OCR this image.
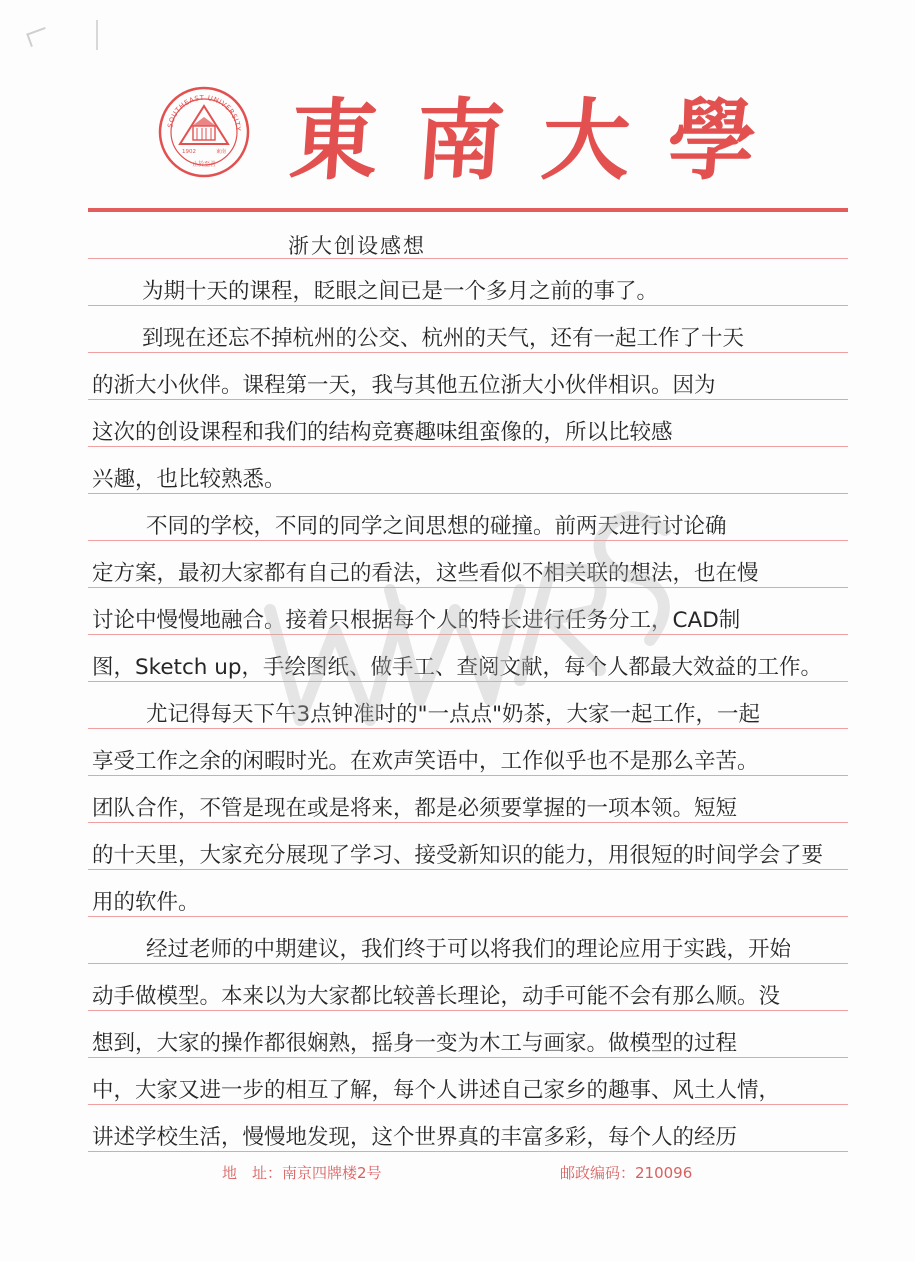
SOUTHEAST UNIVERSITY
1902	東南
止於至善 東南大學
浙大创设感想
为期十天的课程，眨眼之间已是一个多月之前的事了。
到现在还忘不掉杭州的公交、杭州的天气，还有一起工作了十天
的浙大小伙伴。课程第一天，我与其他五位浙大小伙伴相识。因为
这次的创设课程和我们的结构竞赛趣味组蛮像的，所以比较感
兴趣，也比较熟悉。
不同的学校，不同的同学之间思想的碰撞。前两天进行讨论确
定方案，最初大家都有自己的看法，这些看似不相关联的想法，也在慢
讨论中慢慢地融合。接着只根据每个人的特长进行任务分工，CAD制
图，Sketch up，手绘图纸、做手工、查阅文献，每个人都最大效益的工作。
尤记得每天下午3点钟准时的"一点点"奶茶，大家一起工作，一起
享受工作之余的闲暇时光。在欢声笑语中，工作似乎也不是那么辛苦。
团队合作，不管是现在或是将来，都是必须要掌握的一项本领。短短
的十天里，大家充分展现了学习、接受新知识的能力，用很短的时间学会了要
用的软件。
经过老师的中期建议，我们终于可以将我们的理论应用于实践，开始
动手做模型。本来以为大家都比较善长理论，动手可能不会有那么顺。没
想到，大家的操作都很娴熟，摇身一变为木工与画家。做模型的过程
中，大家又进一步的相互了解，每个人讲述自己家乡的趣事、风土人情，
讲述学校生活，慢慢地发现，这个世界真的丰富多彩，每个人的经历
地　址：南京四牌楼2号	邮政编码：210096
